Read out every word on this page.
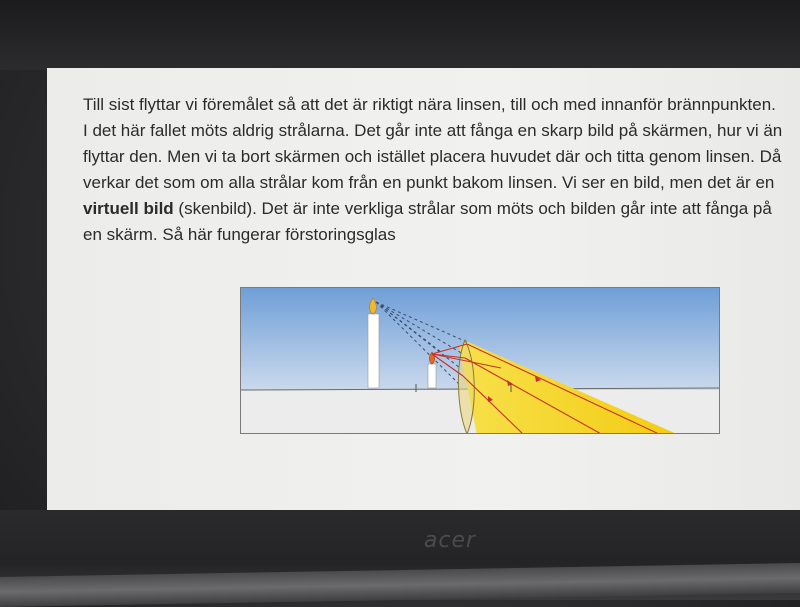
Till sist flyttar vi föremålet så att det är riktigt nära linsen, till och med innanför brännpunkten. I det här fallet möts aldrig strålarna. Det går inte att fånga en skarp bild på skärmen, hur vi än flyttar den. Men vi ta bort skärmen och istället placera huvudet där och titta genom linsen. Då verkar det som om alla strålar kom från en punkt bakom linsen. Vi ser en bild, men det är en virtuell bild (skenbild). Det är inte verkliga strålar som möts och bilden går inte att fånga på en skärm. Så här fungerar förstoringsglas
acer
